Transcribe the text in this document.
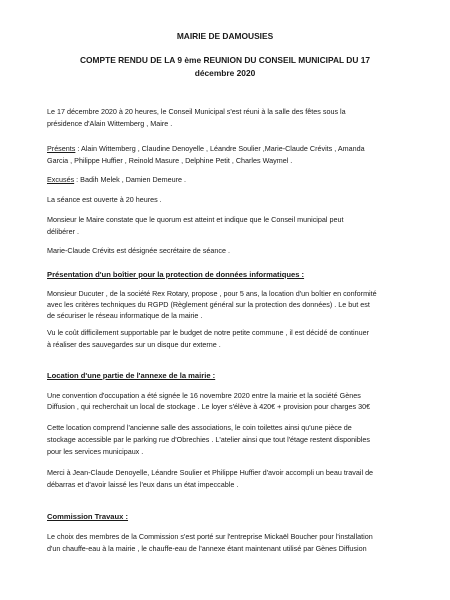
MAIRIE DE DAMOUSIES
COMPTE RENDU DE LA 9 ème REUNION DU CONSEIL MUNICIPAL DU 17
décembre 2020
Le 17 décembre 2020 à 20 heures, le Conseil Municipal s'est réuni à la salle des fêtes sous la
présidence d'Alain Wittemberg , Maire .
Présents : Alain Wittemberg , Claudine Denoyelle , Léandre Soulier ,Marie-Claude Crévits , Amanda
Garcia , Philippe Huffier , Reinold Masure , Delphine Petit , Charles Waymel .
Excusés : Badih Melek , Damien Demeure .
La séance est ouverte à 20 heures .
Monsieur le Maire constate que le quorum est atteint et indique que le Conseil municipal peut
délibérer .
Marie-Claude Crévits est désignée secrétaire de séance .
Présentation d'un boîtier pour la protection de données informatiques :
Monsieur Ducuter , de la société Rex Rotary, propose , pour 5 ans, la location d'un boîtier en conformité
avec les critères techniques du RGPD (Règlement général sur la protection des données) . Le but est
de sécuriser le réseau informatique de la mairie .
Vu le coût difficilement supportable par le budget de notre petite commune , il est décidé de continuer
à réaliser des sauvegardes sur un disque dur externe .
Location d'une partie de l'annexe de la mairie :
Une convention d'occupation a été signée le 16 novembre 2020 entre la mairie et la société Gènes
Diffusion , qui recherchait un local de stockage . Le loyer s'élève à 420€ + provision pour charges 30€
Cette location comprend l'ancienne salle des associations, le coin toilettes ainsi qu'une pièce de
stockage accessible par le parking rue d'Obrechies . L'atelier ainsi que tout l'étage restent disponibles
pour les services municipaux .
Merci à Jean-Claude Denoyelle, Léandre Soulier et Philippe Huffier d'avoir accompli un beau travail de
débarras et d'avoir laissé les l'eux dans un état impeccable .
Commission Travaux :
Le choix des membres de la Commission s'est porté sur l'entreprise Mickaël Boucher pour l'installation
d'un chauffe-eau à la mairie , le chauffe-eau de l'annexe étant maintenant utilisé par Gènes Diffusion
